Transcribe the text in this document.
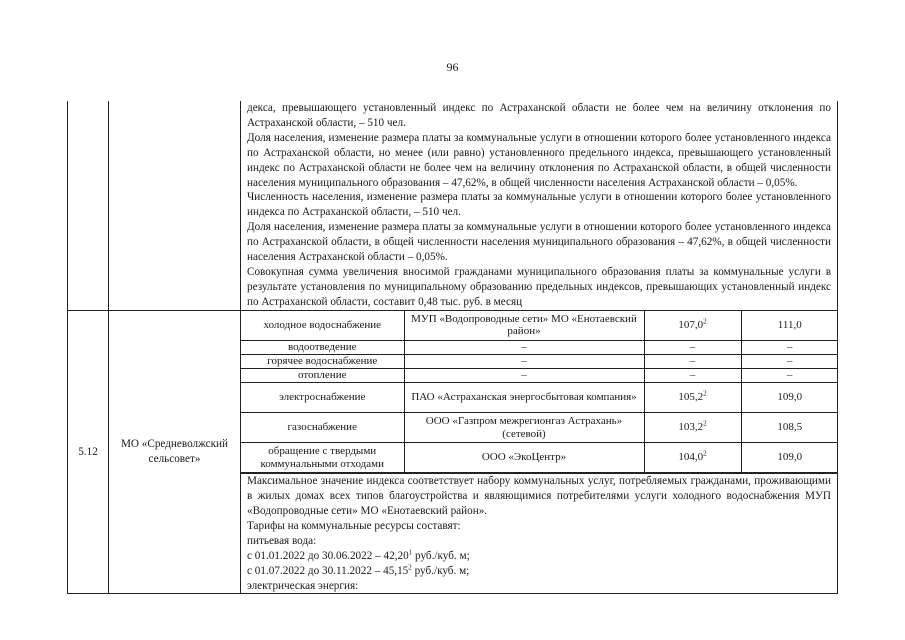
96

декса, превышающего установленный индекс по Астраханской области не более чем на величину отклонения по Астраханской области, – 510 чел.

Доля населения, изменение размера платы за коммунальные услуги в отношении которого более установленного индекса по Астраханской области, но менее (или равно) установленного предельного индекса, превышающего установленный индекс по Астраханской области не более чем на величину отклонения по Астраханской области, в общей численности населения муниципального образования – 47,62%, в общей численности населения Астраханской области – 0,05%.

Численность населения, изменение размера платы за коммунальные услуги в отношении которого более установленного индекса по Астраханской области, – 510 чел.

Доля населения, изменение размера платы за коммунальные услуги в отношении которого более установленного индекса по Астраханской области, в общей численности населения муниципального образования – 47,62%, в общей численности населения Астраханской области – 0,05%.

Совокупная сумма увеличения вносимой гражданами муниципального образования платы за коммунальные услуги в результате установления по муниципальному образованию предельных индексов, превышающих установленный индекс по Астраханской области, составит 0,48 тыс. руб. в месяц

5.12	МО «Средневолжский сельсовет»	
холодное водоснабжение	МУП «Водопроводные сети» МО «Енотаевский район»	107,0$^2$	111,0
водоотведение	–	–	–
горячее водоснабжение	–	–	–
отопление	–	–	–
электроснабжение	ПАО «Астраханская энергосбытовая компания»	105,2$^2$	109,0
газоснабжение	ООО «Газпром межрегионгаз Астрахань» (сетевой)	103,2$^2$	108,5
обращение с твердыми коммунальными отходами	ООО «ЭкоЦентр»	104,0$^2$	109,0

Максимальное значение индекса соответствует набору коммунальных услуг, потребляемых гражданами, проживающими в жилых домах всех типов благоустройства и являющимися потребителями услуги холодного водоснабжения МУП «Водопроводные сети» МО «Енотаевский район».

Тарифы на коммунальные ресурсы составят:

питьевая вода:

с 01.01.2022 до 30.06.2022 – 42,20$^1$ руб./куб. м;

с 01.07.2022 до 30.11.2022 – 45,15$^2$ руб./куб. м;

электрическая энергия:
